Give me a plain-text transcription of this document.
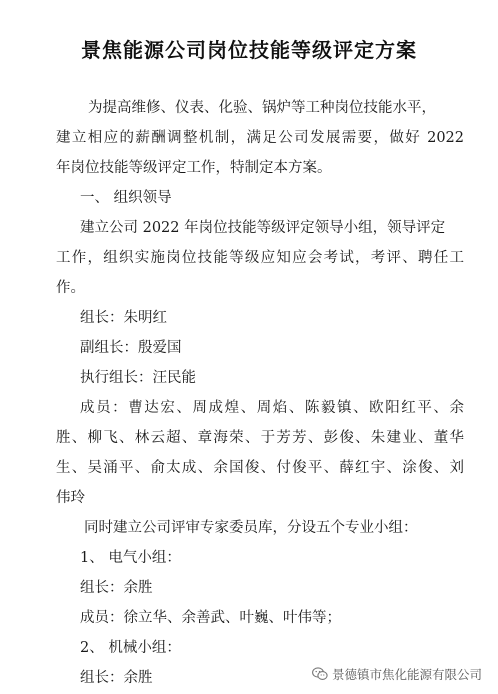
景焦能源公司岗位技能等级评定方案
为提高维修、仪表、化验、锅炉等工种岗位技能水平，
建立相应的薪酬调整机制，满足公司发展需要，做好 2022
年岗位技能等级评定工作，特制定本方案。
一、 组织领导
建立公司 2022 年岗位技能等级评定领导小组，领导评定
工作，组织实施岗位技能等级应知应会考试，考评、聘任工
作。
组长：朱明红
副组长：殷爱国
执行组长：汪民能
成员：曹达宏、周成煌、周焰、陈毅镇、欧阳红平、余
胜、柳飞、林云超、章海荣、于芳芳、彭俊、朱建业、董华
生、吴涌平、俞太成、余国俊、付俊平、薛红宇、涂俊、刘
伟玲
同时建立公司评审专家委员库，分设五个专业小组：
1、 电气小组：
组长：余胜
成员：徐立华、余善武、叶巍、叶伟等；
2、 机械小组：
组长：余胜	景德镇市焦化能源有限公司
